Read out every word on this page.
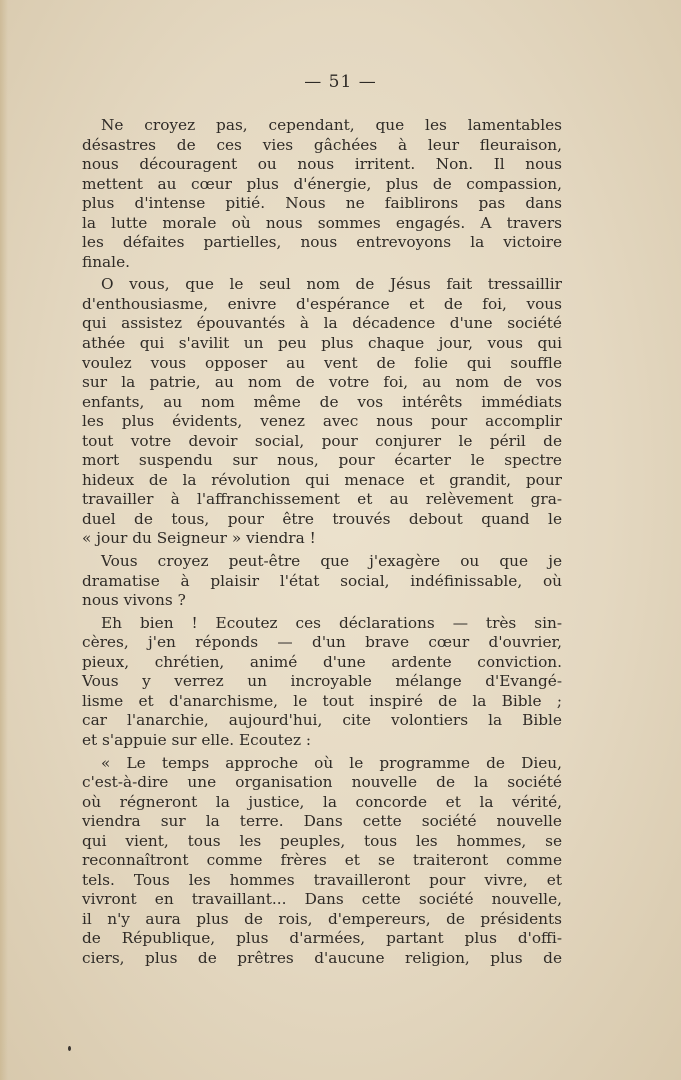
— 51 —
Ne croyez pas, cependant, que les lamentables
désastres de ces vies gâchées à leur fleuraison,
nous découragent ou nous irritent. Non. Il nous
mettent au cœur plus d'énergie, plus de compassion,
plus d'intense pitié. Nous ne faiblirons pas dans
la lutte morale où nous sommes engagés. A travers
les défaites partielles, nous entrevoyons la victoire
finale.
O vous, que le seul nom de Jésus fait tressaillir
d'enthousiasme, enivre d'espérance et de foi, vous
qui assistez épouvantés à la décadence d'une société
athée qui s'avilit un peu plus chaque jour, vous qui
voulez vous opposer au vent de folie qui souffle
sur la patrie, au nom de votre foi, au nom de vos
enfants, au nom même de vos intérêts immédiats
les plus évidents, venez avec nous pour accomplir
tout votre devoir social, pour conjurer le péril de
mort suspendu sur nous, pour écarter le spectre
hideux de la révolution qui menace et grandit, pour
travailler à l'affranchissement et au relèvement gra-
duel de tous, pour être trouvés debout quand le
« jour du Seigneur » viendra !
Vous croyez peut-être que j'exagère ou que je
dramatise à plaisir l'état social, indéfinissable, où
nous vivons ?
Eh bien ! Ecoutez ces déclarations — très sin-
cères, j'en réponds — d'un brave cœur d'ouvrier,
pieux, chrétien, animé d'une ardente conviction.
Vous y verrez un incroyable mélange d'Evangé-
lisme et d'anarchisme, le tout inspiré de la Bible ;
car l'anarchie, aujourd'hui, cite volontiers la Bible
et s'appuie sur elle. Ecoutez :
« Le temps approche où le programme de Dieu,
c'est-à-dire une organisation nouvelle de la société
où régneront la justice, la concorde et la vérité,
viendra sur la terre. Dans cette société nouvelle
qui vient, tous les peuples, tous les hommes, se
reconnaîtront comme frères et se traiteront comme
tels. Tous les hommes travailleront pour vivre, et
vivront en travaillant... Dans cette société nouvelle,
il n'y aura plus de rois, d'empereurs, de présidents
de République, plus d'armées, partant plus d'offi-
ciers, plus de prêtres d'aucune religion, plus de
